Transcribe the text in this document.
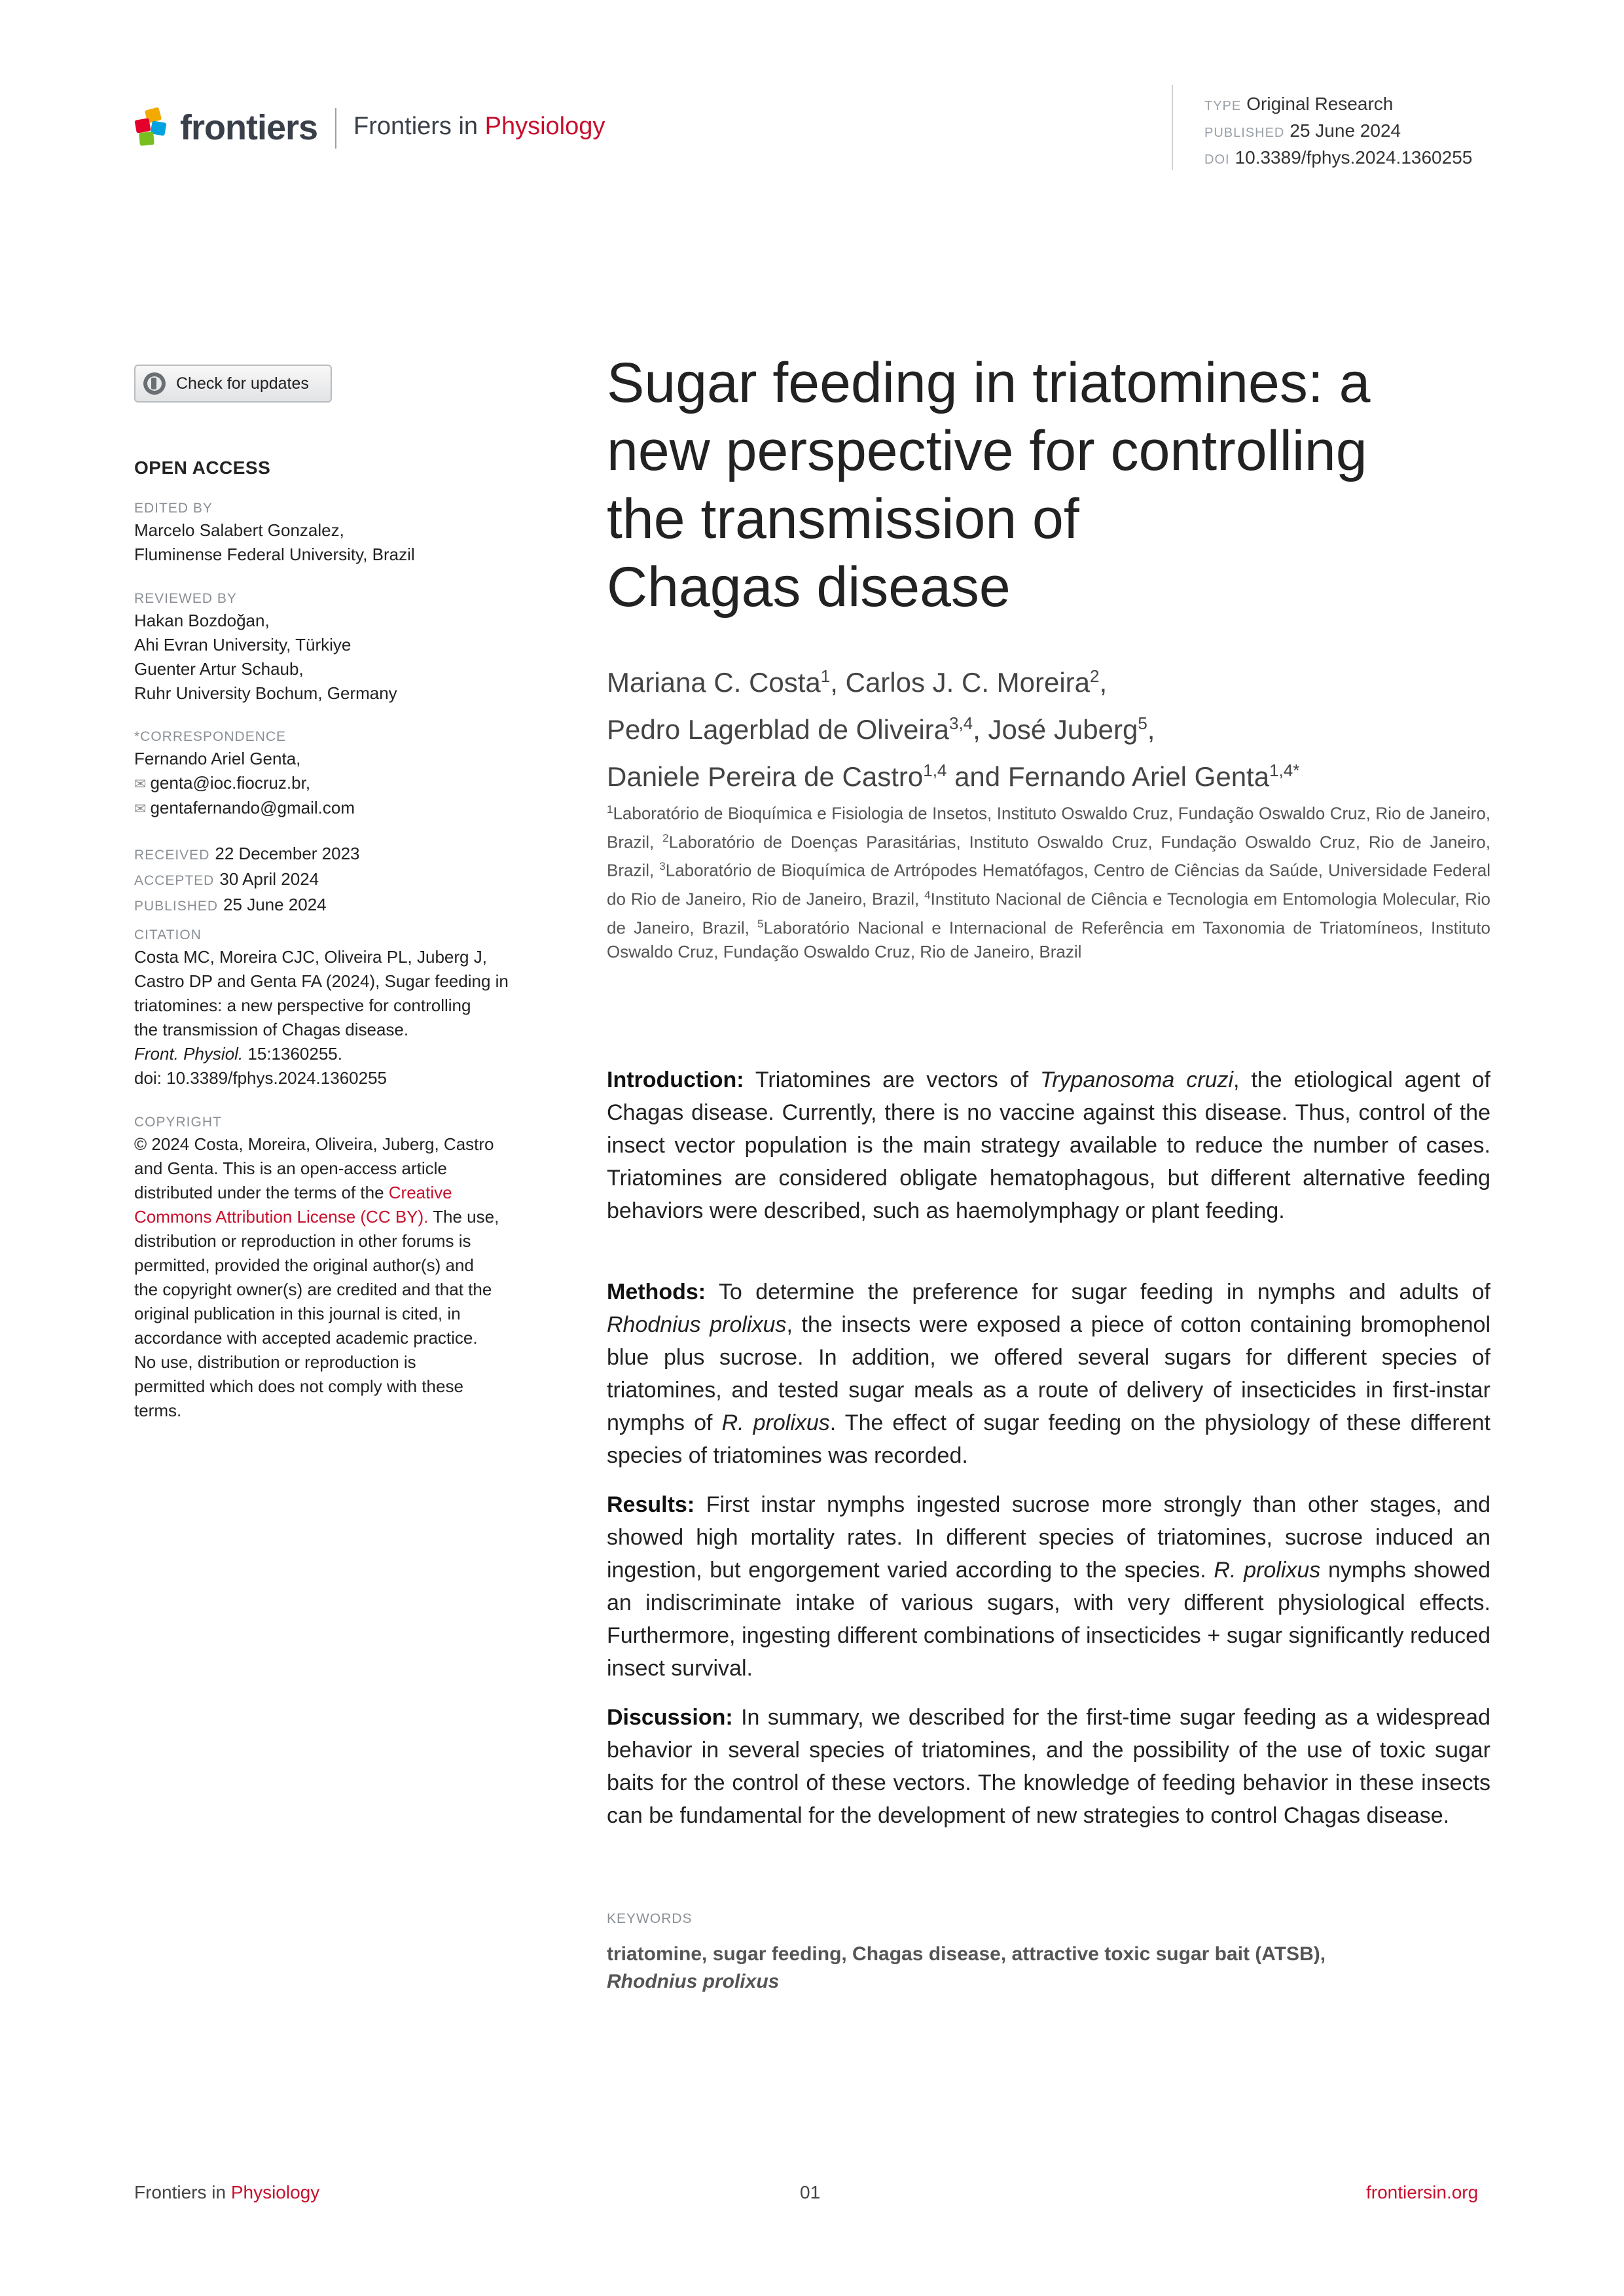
frontiers Frontiers in Physiology
TYPE Original Research
PUBLISHED 25 June 2024
DOI 10.3389/fphys.2024.1360255
Check for updates
OPEN ACCESS
EDITED BY
Marcelo Salabert Gonzalez,
Fluminense Federal University, Brazil
REVIEWED BY
Hakan Bozdoğan,
Ahi Evran University, Türkiye
Guenter Artur Schaub,
Ruhr University Bochum, Germany
*CORRESPONDENCE
Fernando Ariel Genta,
✉ genta@ioc.fiocruz.br,
✉ gentafernando@gmail.com
RECEIVED 22 December 2023
ACCEPTED 30 April 2024
PUBLISHED 25 June 2024
CITATION
Costa MC, Moreira CJC, Oliveira PL, Juberg J,
Castro DP and Genta FA (2024), Sugar feeding in
triatomines: a new perspective for controlling
the transmission of Chagas disease.
Front. Physiol. 15:1360255.
doi: 10.3389/fphys.2024.1360255
COPYRIGHT
© 2024 Costa, Moreira, Oliveira, Juberg, Castro
and Genta. This is an open-access article
distributed under the terms of the Creative
Commons Attribution License (CC BY). The use,
distribution or reproduction in other forums is
permitted, provided the original author(s) and
the copyright owner(s) are credited and that the
original publication in this journal is cited, in
accordance with accepted academic practice.
No use, distribution or reproduction is
permitted which does not comply with these
terms.
Sugar feeding in triatomines: a
new perspective for controlling
the transmission of
Chagas disease
Mariana C. Costa$^1$, Carlos J. C. Moreira$^2$,
Pedro Lagerblad de Oliveira$^{3,4}$, José Juberg$^5$,
Daniele Pereira de Castro$^{1,4}$ and Fernando Ariel Genta$^{1,4*}$
$^1$Laboratório de Bioquímica e Fisiologia de Insetos, Instituto Oswaldo Cruz, Fundação Oswaldo Cruz, Rio de Janeiro, Brazil, $^2$Laboratório de Doenças Parasitárias, Instituto Oswaldo Cruz, Fundação Oswaldo Cruz, Rio de Janeiro, Brazil, $^3$Laboratório de Bioquímica de Artrópodes Hematófagos, Centro de Ciências da Saúde, Universidade Federal do Rio de Janeiro, Rio de Janeiro, Brazil, $^4$Instituto Nacional de Ciência e Tecnologia em Entomologia Molecular, Rio de Janeiro, Brazil, $^5$Laboratório Nacional e Internacional de Referência em Taxonomia de Triatomíneos, Instituto Oswaldo Cruz, Fundação Oswaldo Cruz, Rio de Janeiro, Brazil
Introduction: Triatomines are vectors of Trypanosoma cruzi, the etiological agent of Chagas disease. Currently, there is no vaccine against this disease. Thus, control of the insect vector population is the main strategy available to reduce the number of cases. Triatomines are considered obligate hematophagous, but different alternative feeding behaviors were described, such as haemolymphagy or plant feeding.
Methods: To determine the preference for sugar feeding in nymphs and adults of Rhodnius prolixus, the insects were exposed a piece of cotton containing bromophenol blue plus sucrose. In addition, we offered several sugars for different species of triatomines, and tested sugar meals as a route of delivery of insecticides in first-instar nymphs of R. prolixus. The effect of sugar feeding on the physiology of these different species of triatomines was recorded.
Results: First instar nymphs ingested sucrose more strongly than other stages, and showed high mortality rates. In different species of triatomines, sucrose induced an ingestion, but engorgement varied according to the species. R. prolixus nymphs showed an indiscriminate intake of various sugars, with very different physiological effects. Furthermore, ingesting different combinations of insecticides + sugar significantly reduced insect survival.
Discussion: In summary, we described for the first-time sugar feeding as a widespread behavior in several species of triatomines, and the possibility of the use of toxic sugar baits for the control of these vectors. The knowledge of feeding behavior in these insects can be fundamental for the development of new strategies to control Chagas disease.
KEYWORDS
triatomine, sugar feeding, Chagas disease, attractive toxic sugar bait (ATSB),
Rhodnius prolixus
Frontiers in Physiology	01	frontiersin.org
